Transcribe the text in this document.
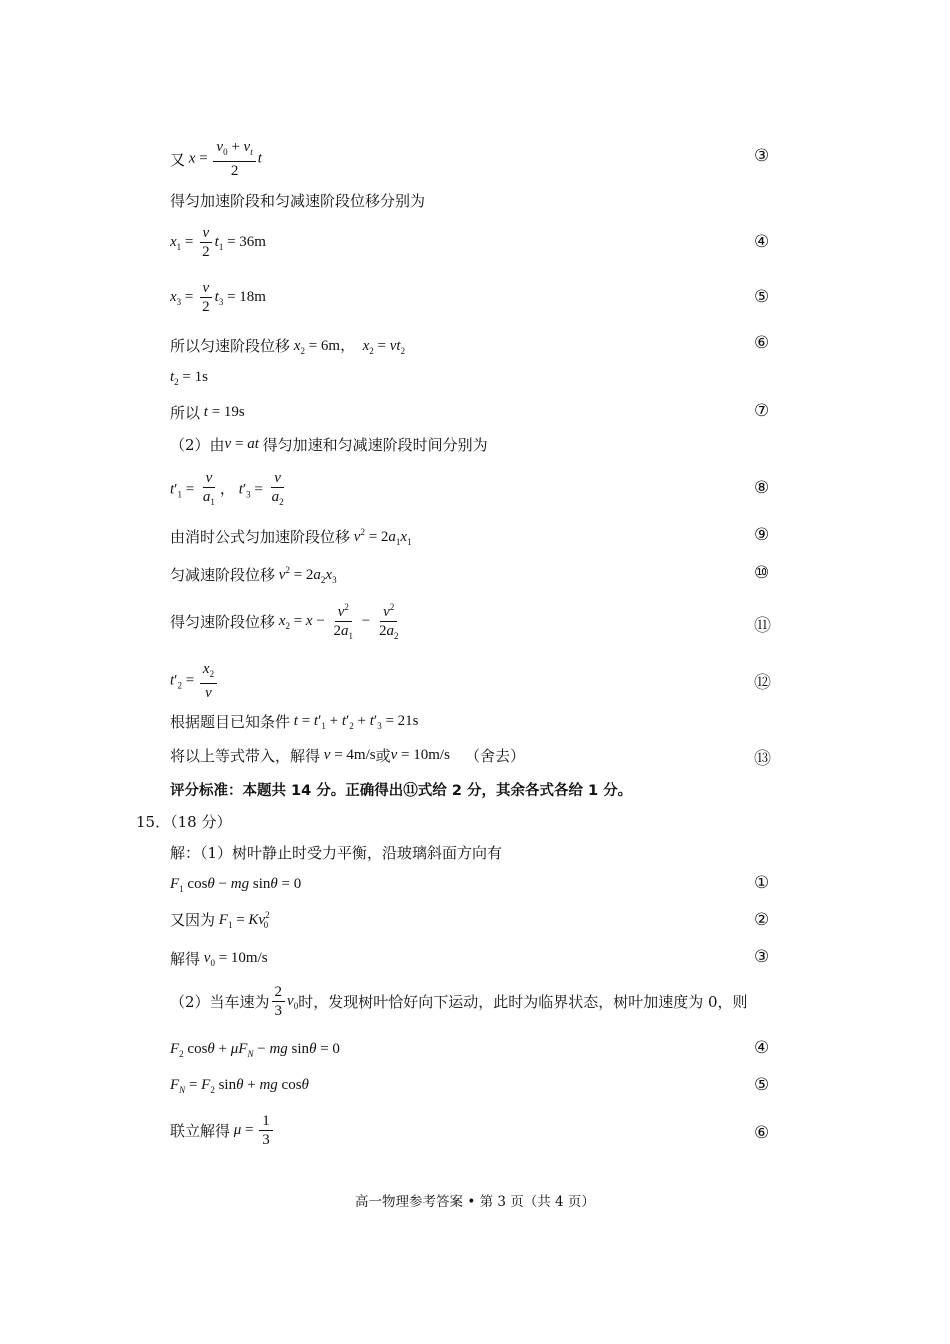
又 $x = \frac{v_0 + v_t}{2}$ t	③
得匀加速阶段和匀减速阶段位移分别为
$x_1 = \frac{v}{2} t_1 = 36m$	④
$x_3 = \frac{v}{2} t_3 = 18m$	⑤
所以匀速阶段位移 $x_2 = 6m$，  $x_2 = vt_2$	⑥
$t_2 = 1s$
所以 t = 19s	⑦
（2）由 v = at 得匀加速和匀减速阶段时间分别为
$t'_1 = \frac{v}{a_1}$ ， $t'_3 = \frac{v}{a_2}$	⑧
由消时公式匀加速阶段位移 $v^2 = 2a_1x_1$	⑨
匀减速阶段位移 $v^2 = 2a_2x_3$	⑩
得匀速阶段位移 $x_2 = x - \frac{v^2}{2a_1} - \frac{v^2}{2a_2}$	⑪
$t'_2 = \frac{x_2}{v}$	⑫
根据题目已知条件 $t = t'_1 + t'_2 + t'_3 = 21s$
将以上等式带入，解得 v = 4m/s 或 v = 10m/s	（舍去）	⑬
评分标准：本题共 14 分。正确得出⑪式给 2 分，其余各式各给 1 分。
15．（18 分）
解：（1）树叶静止时受力平衡，沿玻璃斜面方向有
$F_1$ cosθ − mg sinθ = 0	①
又因为 $F_1 = Kv^2_0$	②
解得 $v_0 = 10m/s$	③
（2）当车速为 $\frac{2}{3} v_0$ 时，发现树叶恰好向下运动，此时为临界状态，树叶加速度为 0，则
$F_2$ $\cos\theta + \mu F_N$ − mg sinθ = 0	④
$F_N = F_2$ sinθ + mg cosθ	⑤
联立解得 $\mu = \frac{1}{3}$	⑥
高一物理参考答案 • 第 3 页（共 4 页）
